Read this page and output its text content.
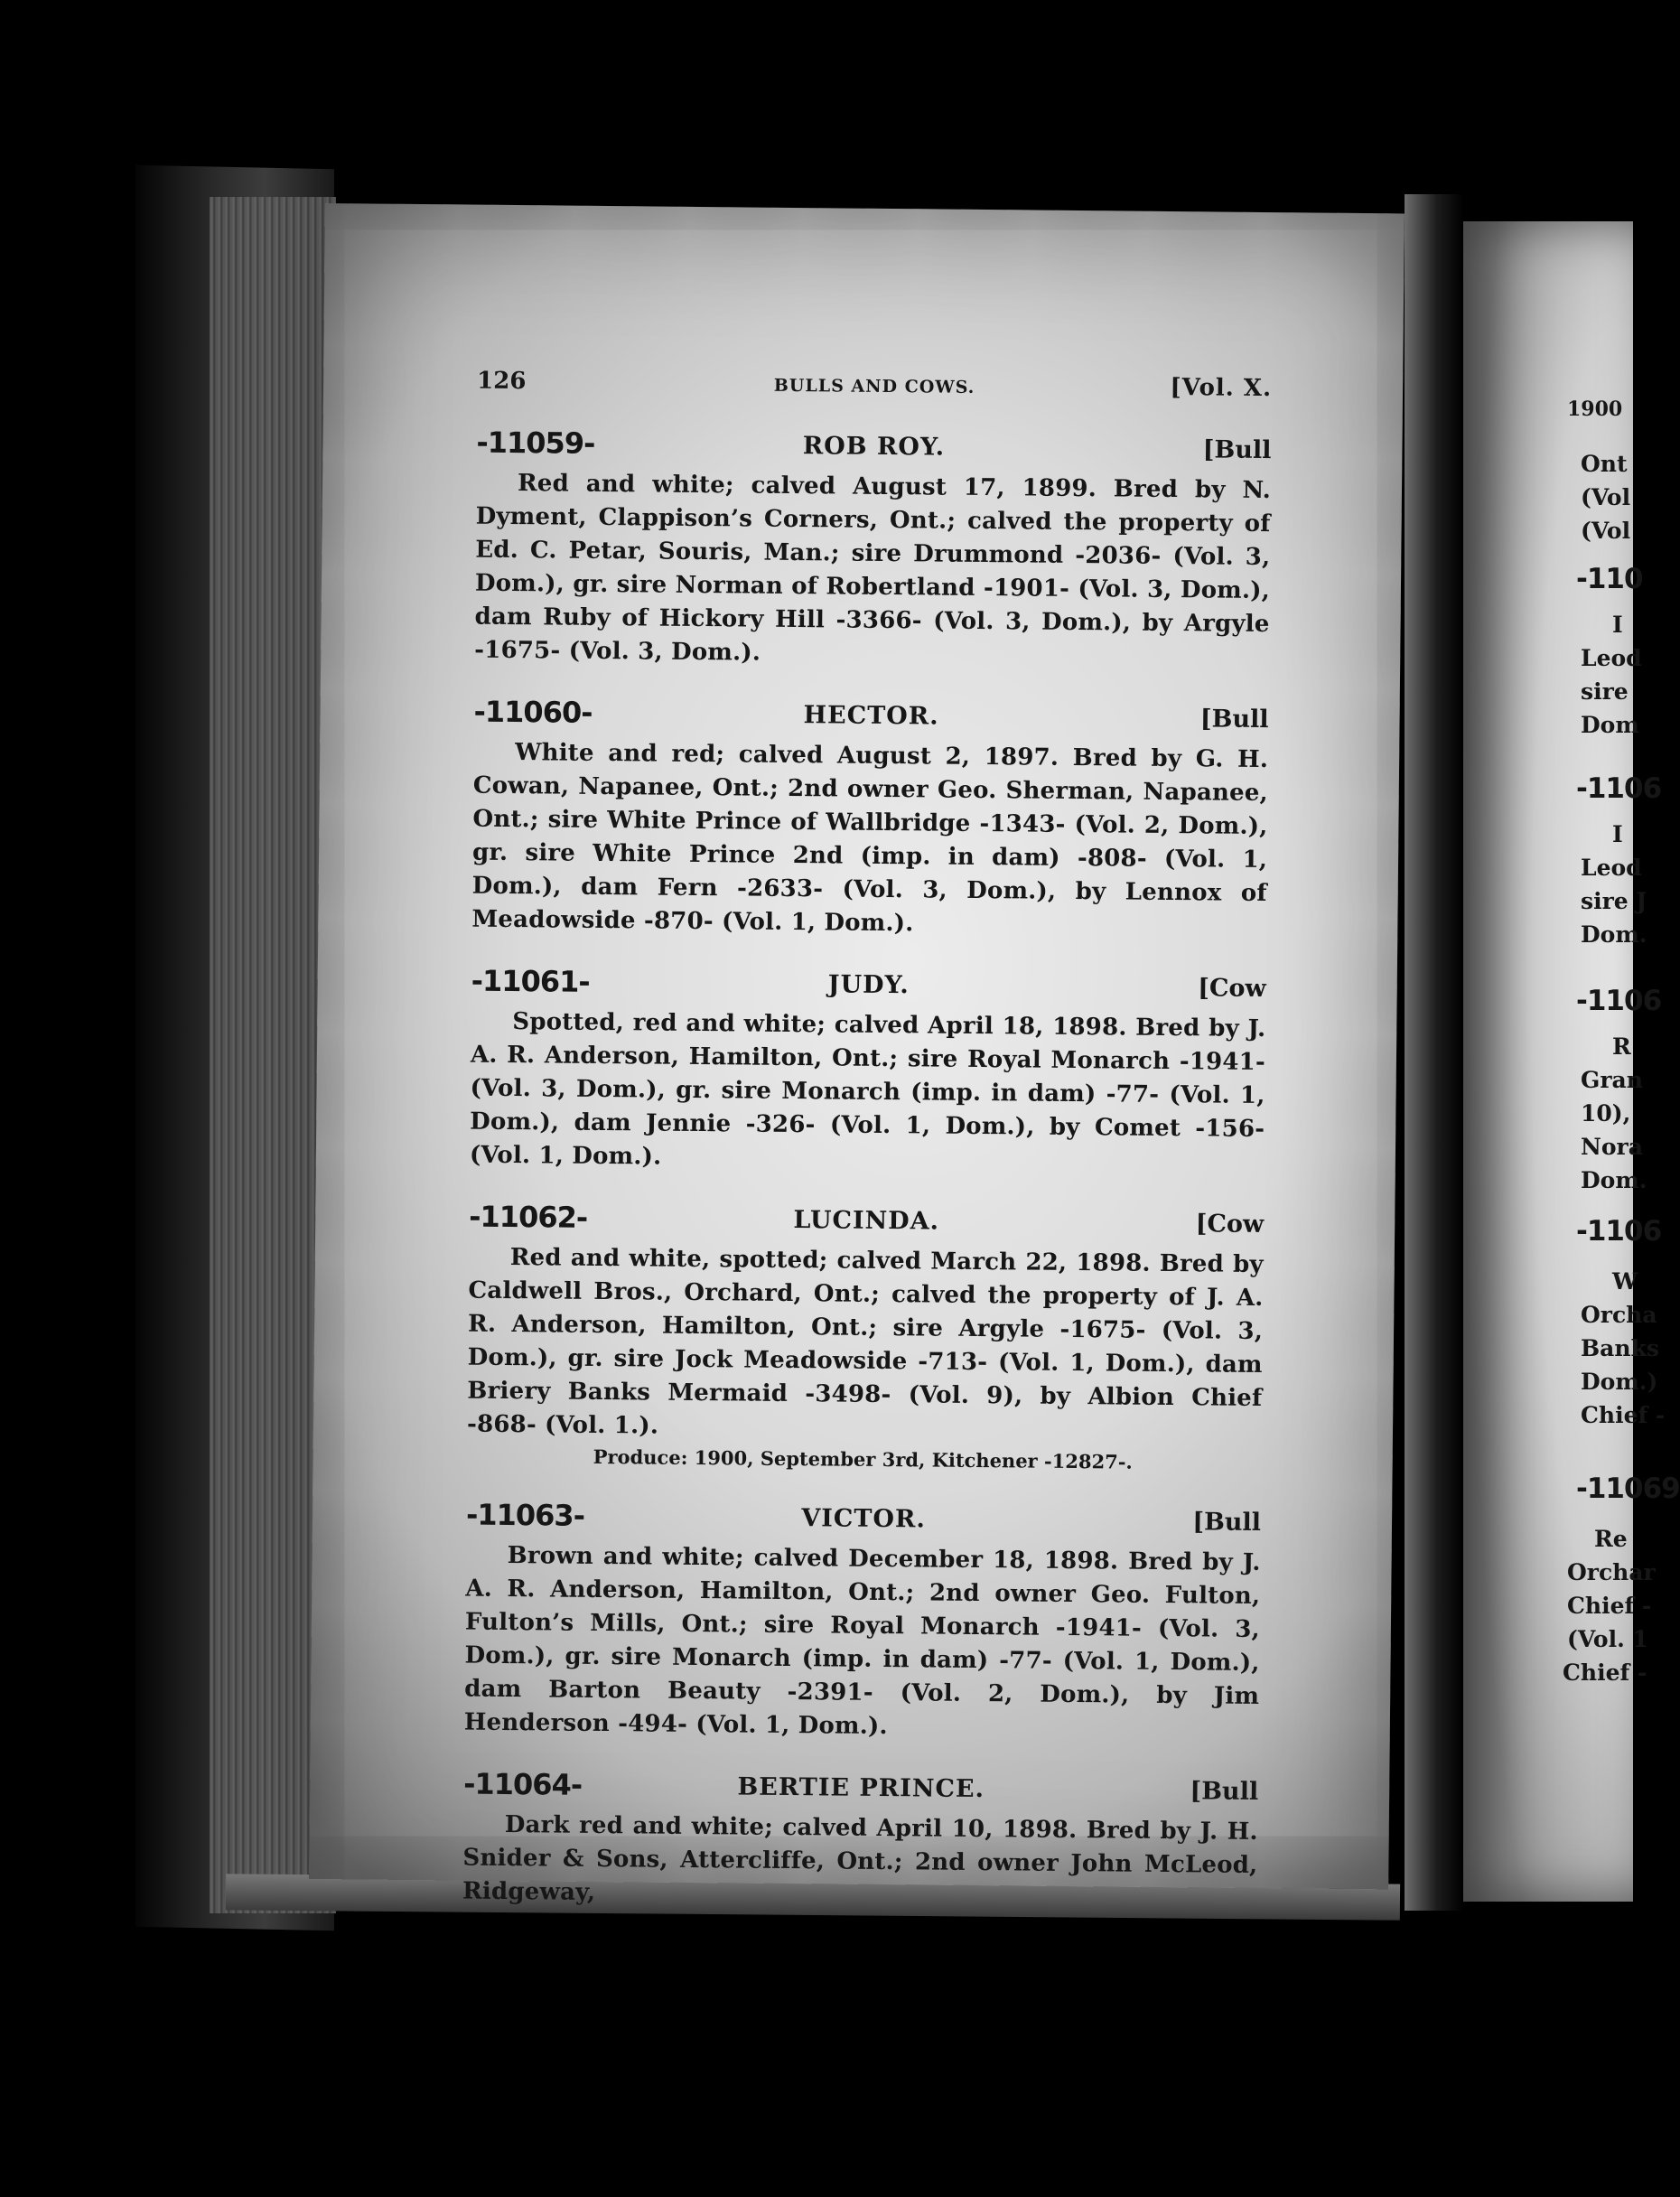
126	BULLS AND COWS.	[Vol. X.
-11059-	ROB ROY.	[Bull
Red and white; calved August 17, 1899. Bred by N. Dyment, Clappison’s Corners, Ont.; calved the property of Ed. C. Petar, Souris, Man.; sire Drummond -2036- (Vol. 3, Dom.), gr. sire Norman of Robertland -1901- (Vol. 3, Dom.), dam Ruby of Hickory Hill -3366- (Vol. 3, Dom.), by Argyle -1675- (Vol. 3, Dom.).
-11060-	HECTOR.	[Bull
White and red; calved August 2, 1897. Bred by G. H. Cowan, Napanee, Ont.; 2nd owner Geo. Sherman, Napanee, Ont.; sire White Prince of Wallbridge -1343- (Vol. 2, Dom.), gr. sire White Prince 2nd (imp. in dam) -808- (Vol. 1, Dom.), dam Fern -2633- (Vol. 3, Dom.), by Lennox of Meadowside -870- (Vol. 1, Dom.).
-11061-	JUDY.	[Cow
Spotted, red and white; calved April 18, 1898. Bred by J. A. R. Anderson, Hamilton, Ont.; sire Royal Monarch -1941- (Vol. 3, Dom.), gr. sire Monarch (imp. in dam) -77- (Vol. 1, Dom.), dam Jennie -326- (Vol. 1, Dom.), by Comet -156- (Vol. 1, Dom.).
-11062-	LUCINDA.	[Cow
Red and white, spotted; calved March 22, 1898. Bred by Caldwell Bros., Orchard, Ont.; calved the property of J. A. R. Anderson, Hamilton, Ont.; sire Argyle -1675- (Vol. 3, Dom.), gr. sire Jock Meadowside -713- (Vol. 1, Dom.), dam Briery Banks Mermaid -3498- (Vol. 9), by Albion Chief -868- (Vol. 1.).
Produce: 1900, September 3rd, Kitchener -12827-.
-11063-	VICTOR.	[Bull
Brown and white; calved December 18, 1898. Bred by J. A. R. Anderson, Hamilton, Ont.; 2nd owner Geo. Fulton, Fulton’s Mills, Ont.; sire Royal Monarch -1941- (Vol. 3, Dom.), gr. sire Monarch (imp. in dam) -77- (Vol. 1, Dom.), dam Barton Beauty -2391- (Vol. 2, Dom.), by Jim Henderson -494- (Vol. 1, Dom.).
-11064-	BERTIE PRINCE.	[Bull
Dark red and white; calved April 10, 1898. Bred by J. H. Snider & Sons, Attercliffe, Ont.; 2nd owner John McLeod, Ridgeway,
1900
Ont
(Vol
(Vol
-110
I
Leod
sire
Dom
-1106
I
Leod
sire J
Dom.
-1106
R
Gran
10),
Nora
Dom.
-1106
W
Orcha
Banks
Dom.)
Chief -
-11069
Re
Orchar
Chief -
(Vol. 1
Chief -
